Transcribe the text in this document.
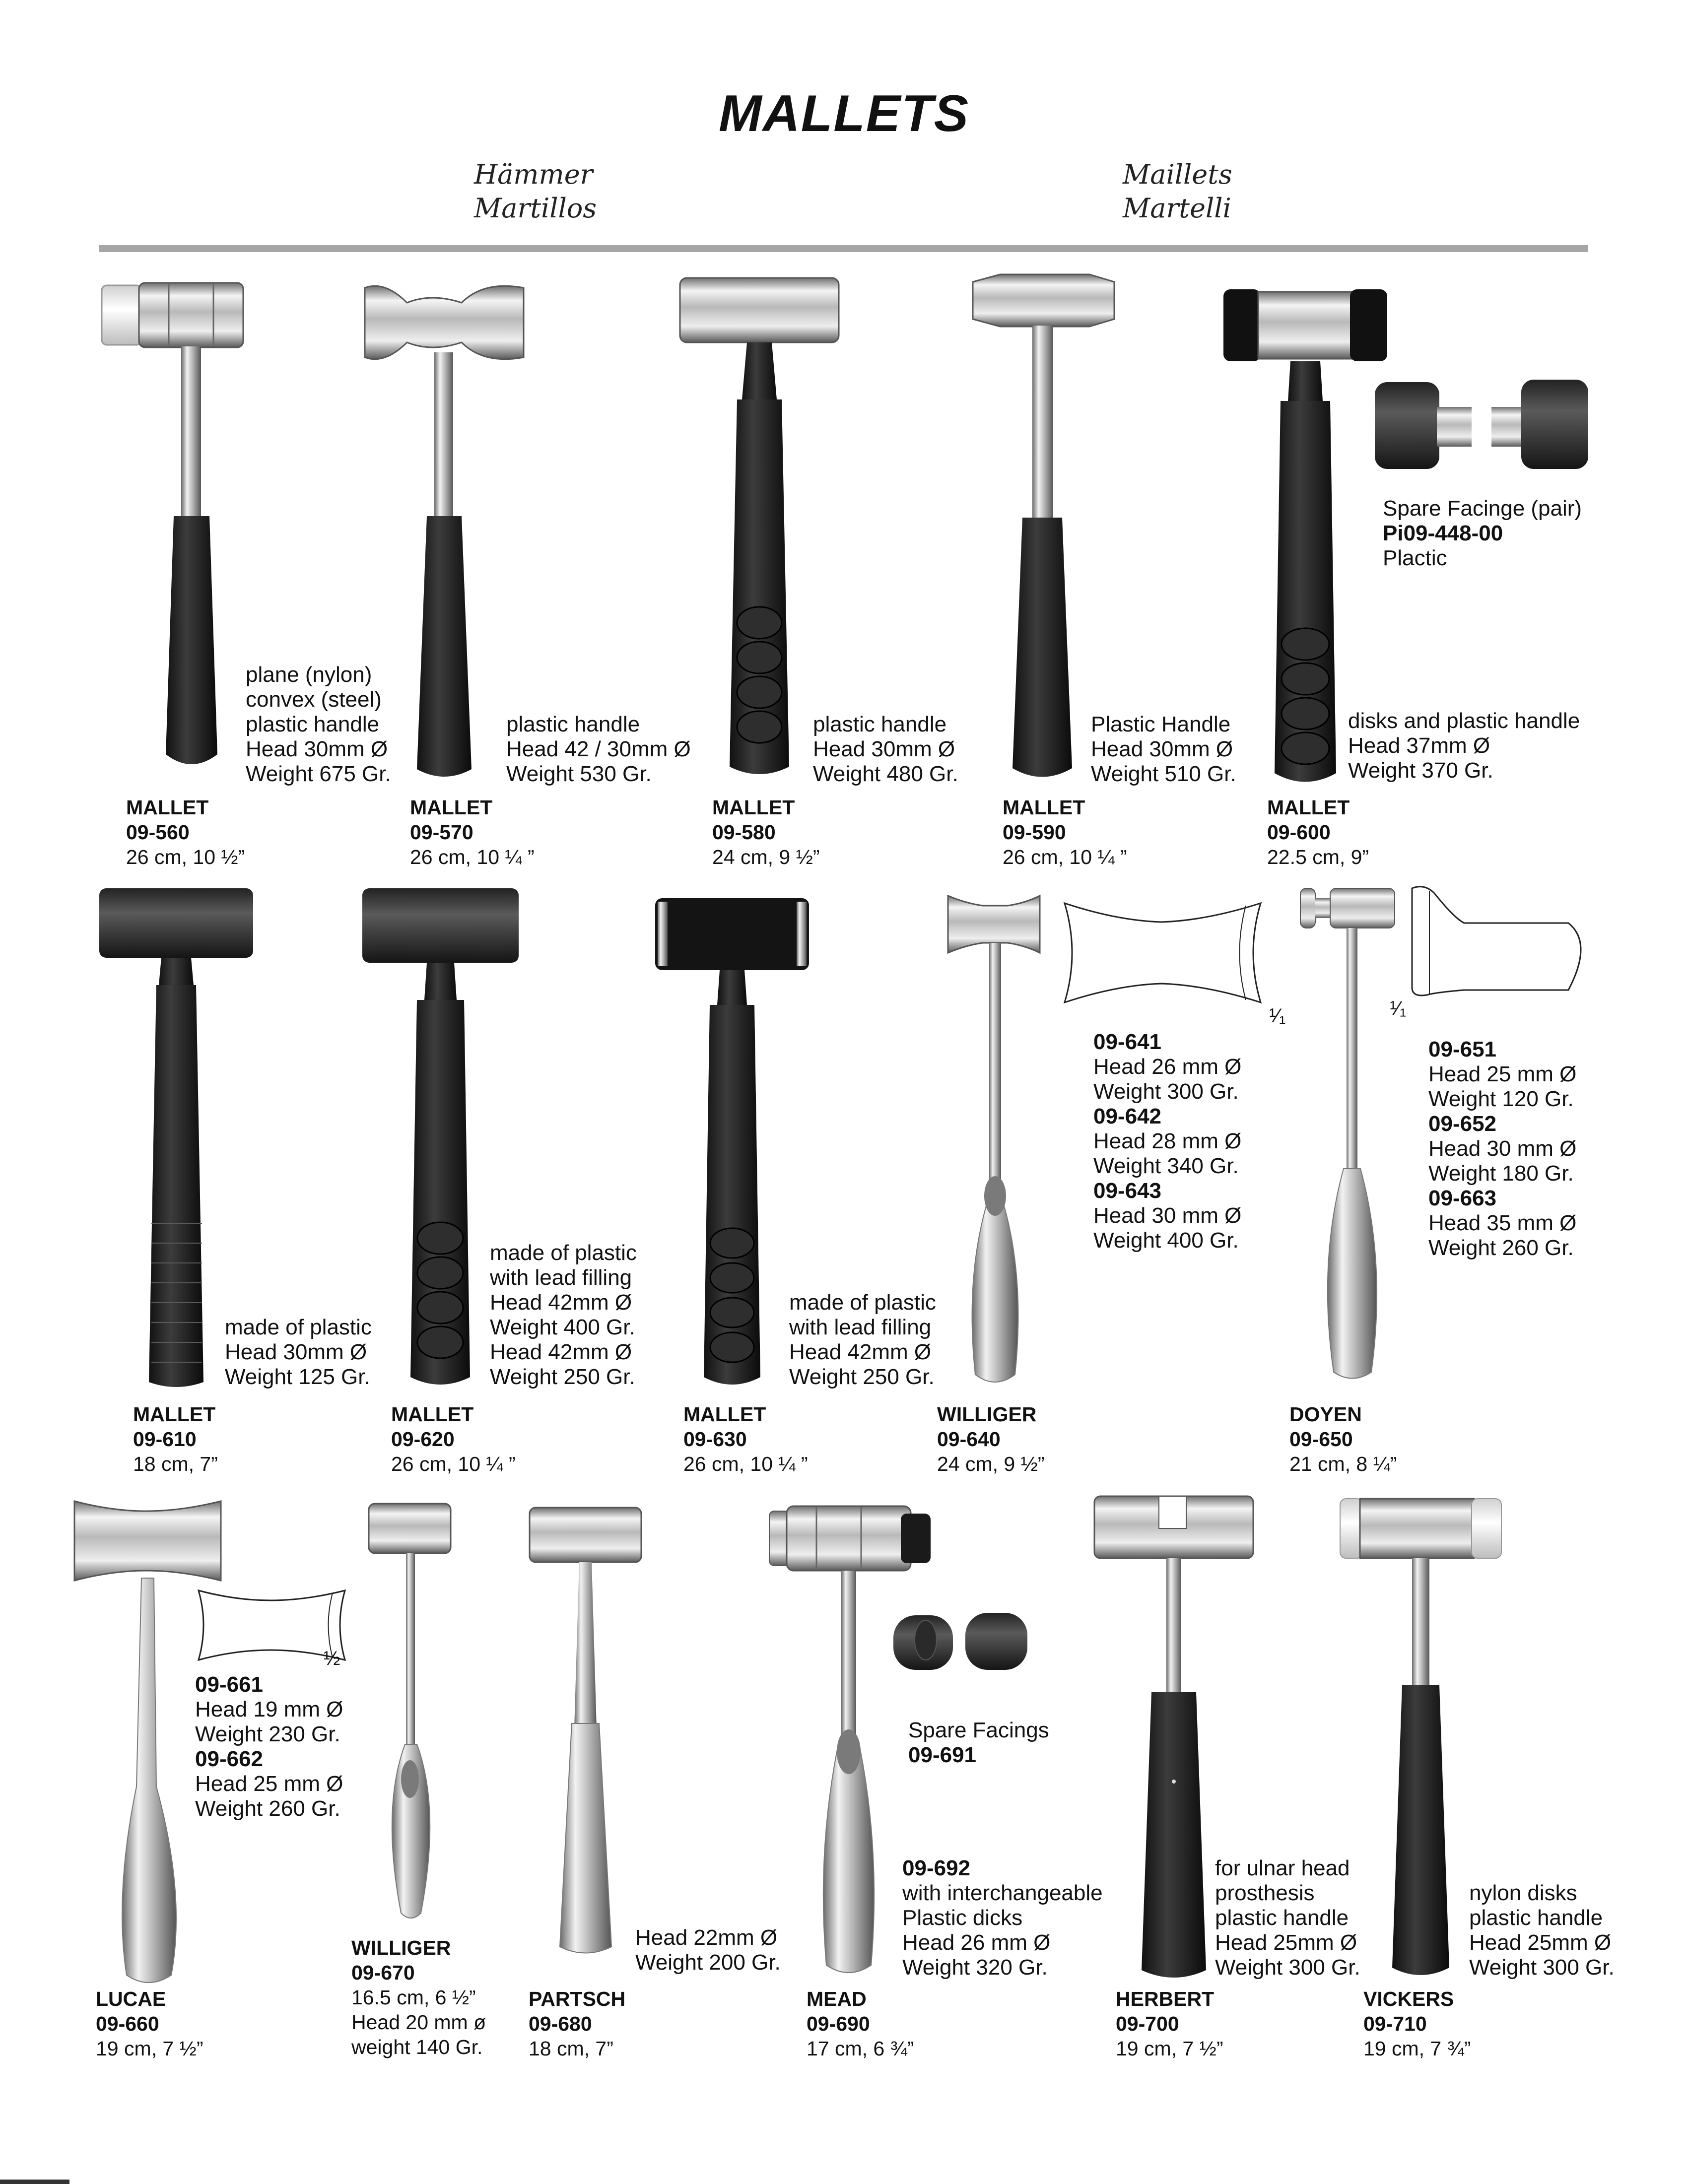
MALLETS
Hämmer
Martillos
Maillets
Martelli
plane (nylon)
convex (steel)
plastic handle
Head 30mm Ø
Weight 675 Gr.
plastic handle
Head 42 / 30mm Ø
Weight 530 Gr.
plastic handle
Head 30mm Ø
Weight 480 Gr.
Plastic Handle
Head 30mm Ø
Weight 510 Gr.
disks and plastic handle
Head 37mm Ø
Weight 370 Gr.
Spare Facinge (pair)
Pi09-448-00
Plactic
MALLET
09-560
26 cm, 10 ½”
MALLET
09-570
26 cm, 10 ¼ ”
MALLET
09-580
24 cm, 9 ½”
MALLET
09-590
26 cm, 10 ¼ ”
MALLET
09-600
22.5 cm, 9”
¹⁄₁	¹⁄₁
made of plastic
Head 30mm Ø
Weight 125 Gr.
made of plastic
with lead filling
Head 42mm Ø
Weight 400 Gr.
Head 42mm Ø
Weight 250 Gr.
made of plastic
with lead filling
Head 42mm Ø
Weight 250 Gr.
09-641
Head 26 mm Ø
Weight 300 Gr.
09-642
Head 28 mm Ø
Weight 340 Gr.
09-643
Head 30 mm Ø
Weight 400 Gr.
09-651
Head 25 mm Ø
Weight 120 Gr.
09-652
Head 30 mm Ø
Weight 180 Gr.
09-663
Head 35 mm Ø
Weight 260 Gr.
MALLET
09-610
18 cm, 7”
MALLET
09-620
26 cm, 10 ¼ ”
MALLET
09-630
26 cm, 10 ¼ ”
WILLIGER
09-640
24 cm, 9 ½”
DOYEN
09-650
21 cm, 8 ¼”
½
09-661
Head 19 mm Ø
Weight 230 Gr.
09-662
Head 25 mm Ø
Weight 260 Gr.
Head 22mm Ø
Weight 200 Gr.
Spare Facings
09-691
09-692
with interchangeable
Plastic dicks
Head 26 mm Ø
Weight 320 Gr.
for ulnar head
prosthesis
plastic handle
Head 25mm Ø
Weight 300 Gr.
nylon disks
plastic handle
Head 25mm Ø
Weight 300 Gr.
LUCAE
09-660
19 cm, 7 ½”
WILLIGER
09-670
16.5 cm, 6 ½”
Head 20 mm ø
weight 140 Gr.
PARTSCH
09-680
18 cm, 7”
MEAD
09-690
17 cm, 6 ¾”
HERBERT
09-700
19 cm, 7 ½”
VICKERS
09-710
19 cm, 7 ¾”
